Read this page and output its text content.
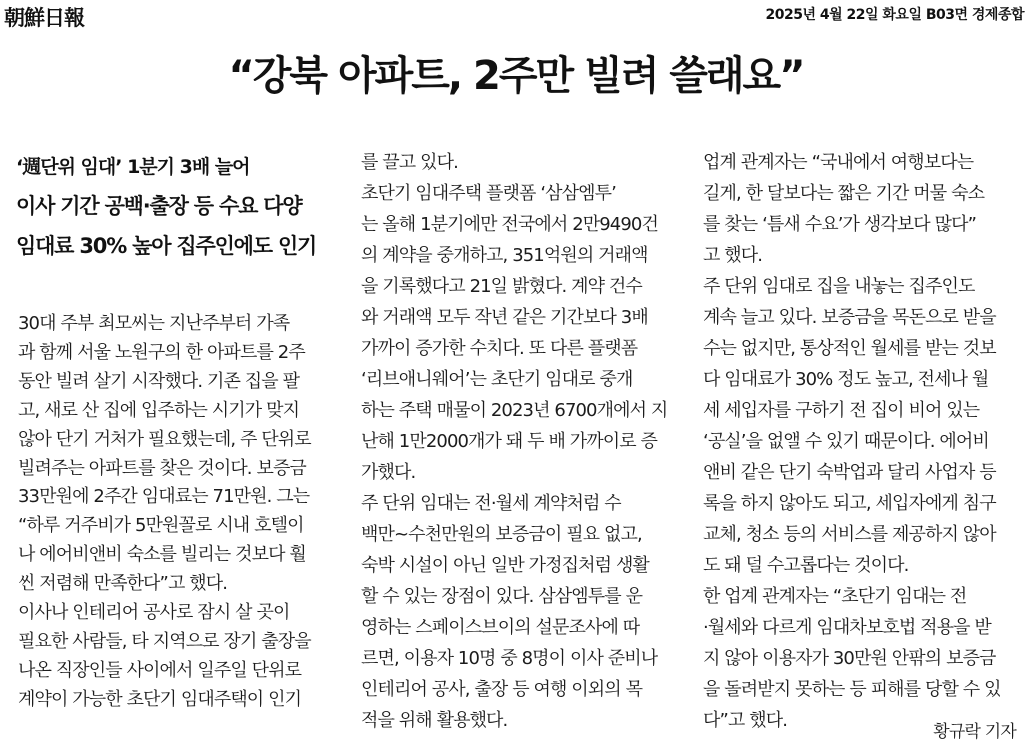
朝鮮日報	2025년 4월 22일 화요일 B03면 경제종합
“강북 아파트, 2주만 빌려 쓸래요”
‘週단위 임대’ 1분기 3배 늘어
이사 기간 공백·출장 등 수요 다양
임대료 30% 높아 집주인에도 인기
30대 주부 최모씨는 지난주부터 가족
과 함께 서울 노원구의 한 아파트를 2주
동안 빌려 살기 시작했다. 기존 집을 팔
고, 새로 산 집에 입주하는 시기가 맞지
않아 단기 거처가 필요했는데, 주 단위로
빌려주는 아파트를 찾은 것이다. 보증금
33만원에 2주간 임대료는 71만원. 그는
“하루 거주비가 5만원꼴로 시내 호텔이
나 에어비앤비 숙소를 빌리는 것보다 훨
씬 저렴해 만족한다”고 했다.
이사나 인테리어 공사로 잠시 살 곳이
필요한 사람들, 타 지역으로 장기 출장을
나온 직장인들 사이에서 일주일 단위로
계약이 가능한 초단기 임대주택이 인기
를 끌고 있다.
초단기 임대주택 플랫폼 ‘삼삼엠투’
는 올해 1분기에만 전국에서 2만9490건
의 계약을 중개하고, 351억원의 거래액
을 기록했다고 21일 밝혔다. 계약 건수
와 거래액 모두 작년 같은 기간보다 3배
가까이 증가한 수치다. 또 다른 플랫폼
‘리브애니웨어’는 초단기 임대로 중개
하는 주택 매물이 2023년 6700개에서 지
난해 1만2000개가 돼 두 배 가까이로 증
가했다.
주 단위 임대는 전·월세 계약처럼 수
백만~수천만원의 보증금이 필요 없고,
숙박 시설이 아닌 일반 가정집처럼 생활
할 수 있는 장점이 있다. 삼삼엠투를 운
영하는 스페이스브이의 설문조사에 따
르면, 이용자 10명 중 8명이 이사 준비나
인테리어 공사, 출장 등 여행 이외의 목
적을 위해 활용했다.
업계 관계자는 “국내에서 여행보다는
길게, 한 달보다는 짧은 기간 머물 숙소
를 찾는 ‘틈새 수요’가 생각보다 많다”
고 했다.
주 단위 임대로 집을 내놓는 집주인도
계속 늘고 있다. 보증금을 목돈으로 받을
수는 없지만, 통상적인 월세를 받는 것보
다 임대료가 30% 정도 높고, 전세나 월
세 세입자를 구하기 전 집이 비어 있는
‘공실’을 없앨 수 있기 때문이다. 에어비
앤비 같은 단기 숙박업과 달리 사업자 등
록을 하지 않아도 되고, 세입자에게 침구
교체, 청소 등의 서비스를 제공하지 않아
도 돼 덜 수고롭다는 것이다.
한 업계 관계자는 “초단기 임대는 전
·월세와 다르게 임대차보호법 적용을 받
지 않아 이용자가 30만원 안팎의 보증금
을 돌려받지 못하는 등 피해를 당할 수 있
다”고 했다.
황규락 기자
